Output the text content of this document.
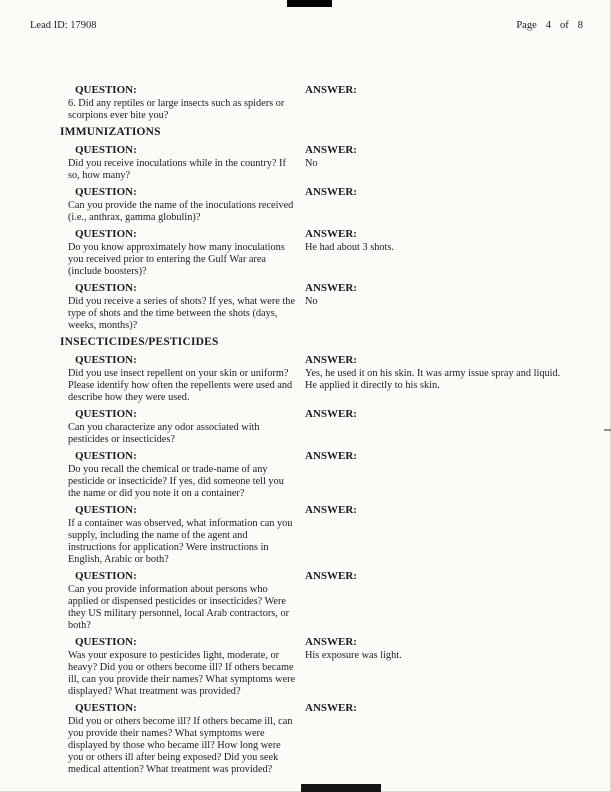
Lead ID: 17908	Page 4 of 8
QUESTION:
6. Did any reptiles or large insects such as spiders or scorpions ever bite you?
ANSWER:
IMMUNIZATIONS
QUESTION:
Did you receive inoculations while in the country? If so, how many?
ANSWER:
No
QUESTION:
Can you provide the name of the inoculations received (i.e., anthrax, gamma globulin)?
ANSWER:
QUESTION:
Do you know approximately how many inoculations you received prior to entering the Gulf War area (include boosters)?
ANSWER:
He had about 3 shots.
QUESTION:
Did you receive a series of shots? If yes, what were the type of shots and the time between the shots (days, weeks, months)?
ANSWER:
No
INSECTICIDES/PESTICIDES
QUESTION:
Did you use insect repellent on your skin or uniform? Please identify how often the repellents were used and describe how they were used.
ANSWER:
Yes, he used it on his skin. It was army issue spray and liquid. He applied it directly to his skin.
QUESTION:
Can you characterize any odor associated with pesticides or insecticides?
ANSWER:
QUESTION:
Do you recall the chemical or trade-name of any pesticide or insecticide? If yes, did someone tell you the name or did you note it on a container?
ANSWER:
QUESTION:
If a container was observed, what information can you supply, including the name of the agent and instructions for application? Were instructions in English, Arabic or both?
ANSWER:
QUESTION:
Can you provide information about persons who applied or dispensed pesticides or insecticides? Were they US military personnel, local Arab contractors, or both?
ANSWER:
QUESTION:
Was your exposure to pesticides light, moderate, or heavy? Did you or others become ill? If others became ill, can you provide their names? What symptoms were displayed? What treatment was provided?
ANSWER:
His exposure was light.
QUESTION:
Did you or others become ill? If others became ill, can you provide their names? What symptoms were displayed by those who became ill? How long were you or others ill after being exposed? Did you seek medical attention? What treatment was provided?
ANSWER:
